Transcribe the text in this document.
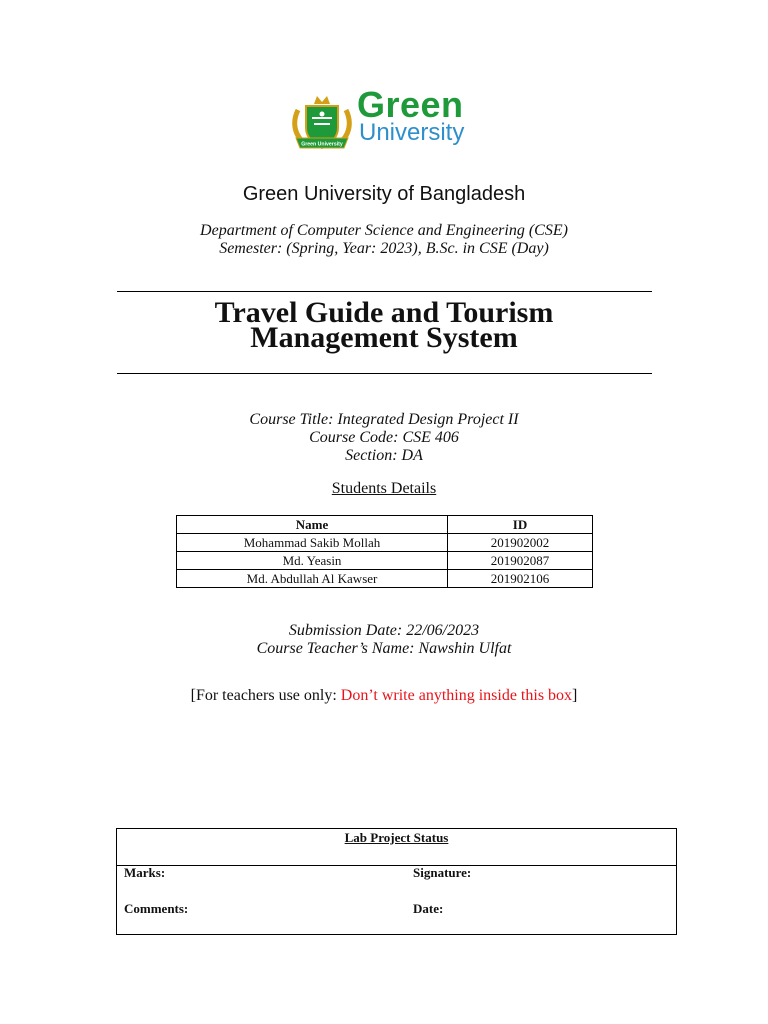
Green University
Green
University
Green University of Bangladesh
Department of Computer Science and Engineering (CSE)
Semester: (Spring, Year: 2023), B.Sc. in CSE (Day)
Travel Guide and Tourism
Management System
Course Title: Integrated Design Project II
Course Code: CSE 406
Section: DA
Students Details
Name	ID
Mohammad Sakib Mollah	201902002
Md. Yeasin	201902087
Md. Abdullah Al Kawser	201902106
Submission Date: 22/06/2023
Course Teacher’s Name: Nawshin Ulfat
[For teachers use only: Don’t write anything inside this box]
Lab Project Status
Marks:	Signature:
Comments:	Date:
